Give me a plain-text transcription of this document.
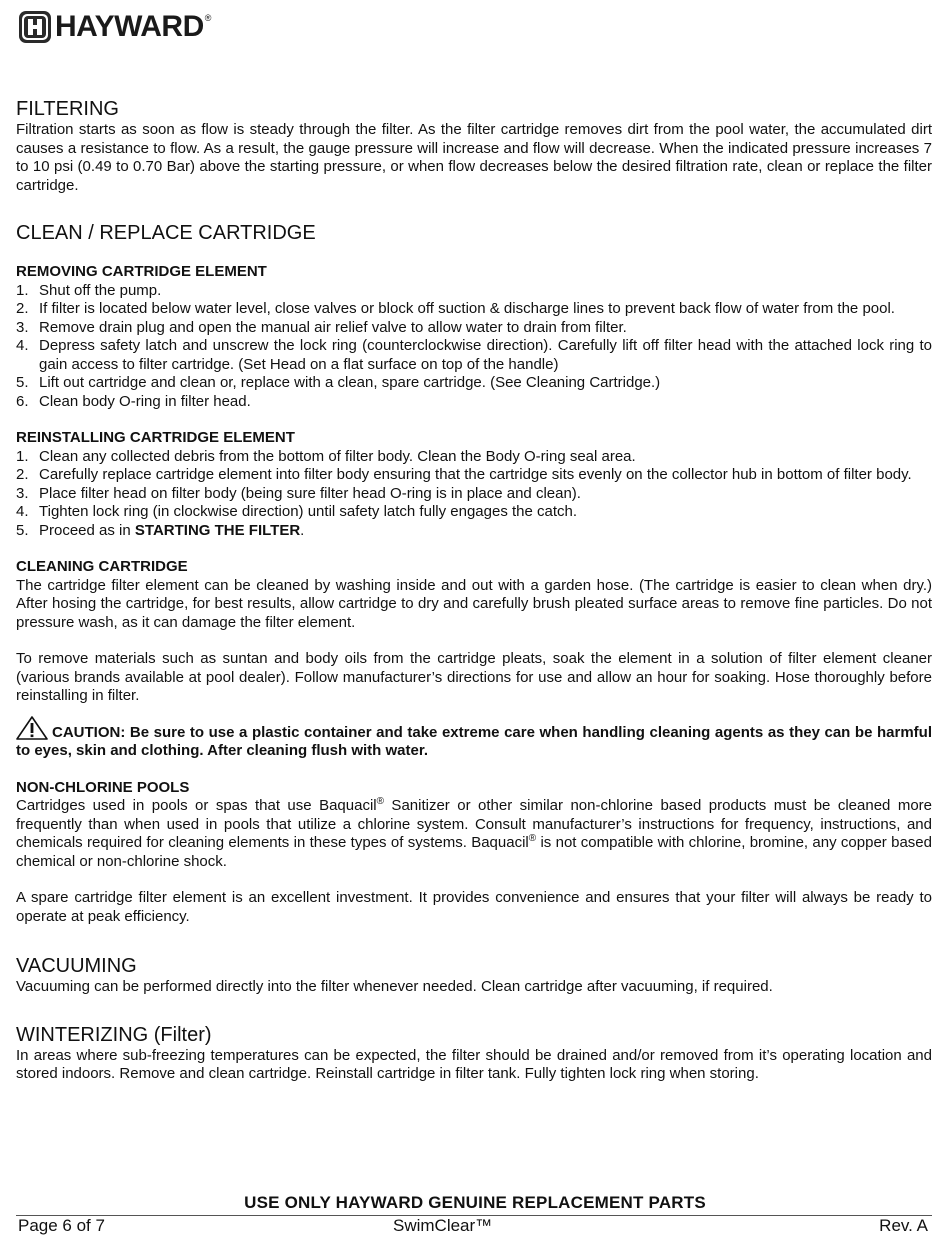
HAYWARD ®
FILTERING

Filtration starts as soon as flow is steady through the filter. As the filter cartridge removes dirt from the pool water, the accumulated dirt causes a resistance to flow. As a result, the gauge pressure will increase and flow will decrease. When the indicated pressure increases 7 to 10 psi (0.49 to 0.70 Bar) above the starting pressure, or when flow decreases below the desired filtration rate, clean or replace the filter cartridge.

CLEAN / REPLACE CARTRIDGE
REMOVING CARTRIDGE ELEMENT
1. Shut off the pump.
2. If filter is located below water level, close valves or block off suction & discharge lines to prevent back flow of water from the pool.
3. Remove drain plug and open the manual air relief valve to allow water to drain from filter.
4. Depress safety latch and unscrew the lock ring (counterclockwise direction). Carefully lift off filter head with the attached lock ring to gain access to filter cartridge. (Set Head on a flat surface on top of the handle)
5. Lift out cartridge and clean or, replace with a clean, spare cartridge. (See Cleaning Cartridge.)
6. Clean body O-ring in filter head.
REINSTALLING CARTRIDGE ELEMENT
1. Clean any collected debris from the bottom of filter body. Clean the Body O-ring seal area.
2. Carefully replace cartridge element into filter body ensuring that the cartridge sits evenly on the collector hub in bottom of filter body.
3. Place filter head on filter body (being sure filter head O-ring is in place and clean).
4. Tighten lock ring (in clockwise direction) until safety latch fully engages the catch.
5. Proceed as in STARTING THE FILTER.
CLEANING CARTRIDGE

The cartridge filter element can be cleaned by washing inside and out with a garden hose. (The cartridge is easier to clean when dry.) After hosing the cartridge, for best results, allow cartridge to dry and carefully brush pleated surface areas to remove fine particles. Do not pressure wash, as it can damage the filter element.

To remove materials such as suntan and body oils from the cartridge pleats, soak the element in a solution of filter element cleaner (various brands available at pool dealer). Follow manufacturer’s directions for use and allow an hour for soaking. Hose thoroughly before reinstalling in filter.

CAUTION: Be sure to use a plastic container and take extreme care when handling cleaning agents as they can be harmful to eyes, skin and clothing. After cleaning flush with water.

NON-CHLORINE POOLS

Cartridges used in pools or spas that use Baquacil® Sanitizer or other similar non-chlorine based products must be cleaned more frequently than when used in pools that utilize a chlorine system. Consult manufacturer’s instructions for frequency, instructions, and chemicals required for cleaning elements in these types of systems. Baquacil® is not compatible with chlorine, bromine, any copper based chemical or non-chlorine shock.

A spare cartridge filter element is an excellent investment. It provides convenience and ensures that your filter will always be ready to operate at peak efficiency.

VACUUMING

Vacuuming can be performed directly into the filter whenever needed. Clean cartridge after vacuuming, if required.

WINTERIZING (Filter)

In areas where sub-freezing temperatures can be expected, the filter should be drained and/or removed from it’s operating location and stored indoors. Remove and clean cartridge. Reinstall cartridge in filter tank. Fully tighten lock ring when storing.

USE ONLY HAYWARD GENUINE REPLACEMENT PARTS
Page 6 of 7	SwimClear™	Rev. A
